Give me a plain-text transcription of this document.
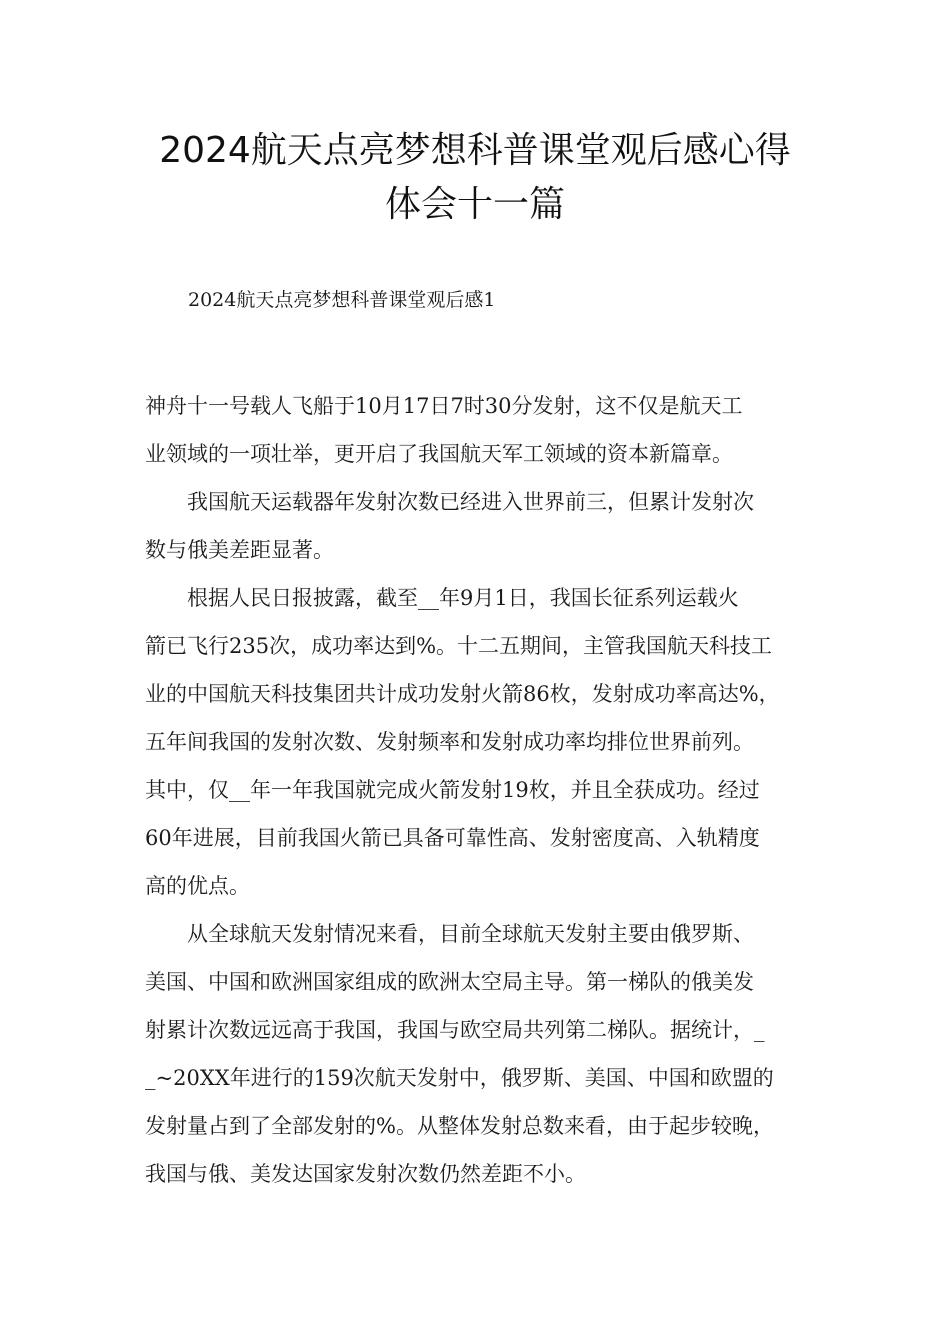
2024航天点亮梦想科普课堂观后感心得
体会十一篇

2024航天点亮梦想科普课堂观后感1

神舟十一号载人飞船于10月17日7时30分发射，这不仅是航天工
业领域的一项壮举，更开启了我国航天军工领域的资本新篇章。
我国航天运载器年发射次数已经进入世界前三，但累计发射次
数与俄美差距显著。
根据人民日报披露，截至__年9月1日，我国长征系列运载火
箭已飞行235次，成功率达到%。十二五期间，主管我国航天科技工
业的中国航天科技集团共计成功发射火箭86枚，发射成功率高达%，
五年间我国的发射次数、发射频率和发射成功率均排位世界前列。
其中，仅__年一年我国就完成火箭发射19枚，并且全获成功。经过
60年进展，目前我国火箭已具备可靠性高、发射密度高、入轨精度
高的优点。
从全球航天发射情况来看，目前全球航天发射主要由俄罗斯、
美国、中国和欧洲国家组成的欧洲太空局主导。第一梯队的俄美发
射累计次数远远高于我国，我国与欧空局共列第二梯队。据统计，_
_~20XX年进行的159次航天发射中，俄罗斯、美国、中国和欧盟的
发射量占到了全部发射的%。从整体发射总数来看，由于起步较晚，
我国与俄、美发达国家发射次数仍然差距不小。
